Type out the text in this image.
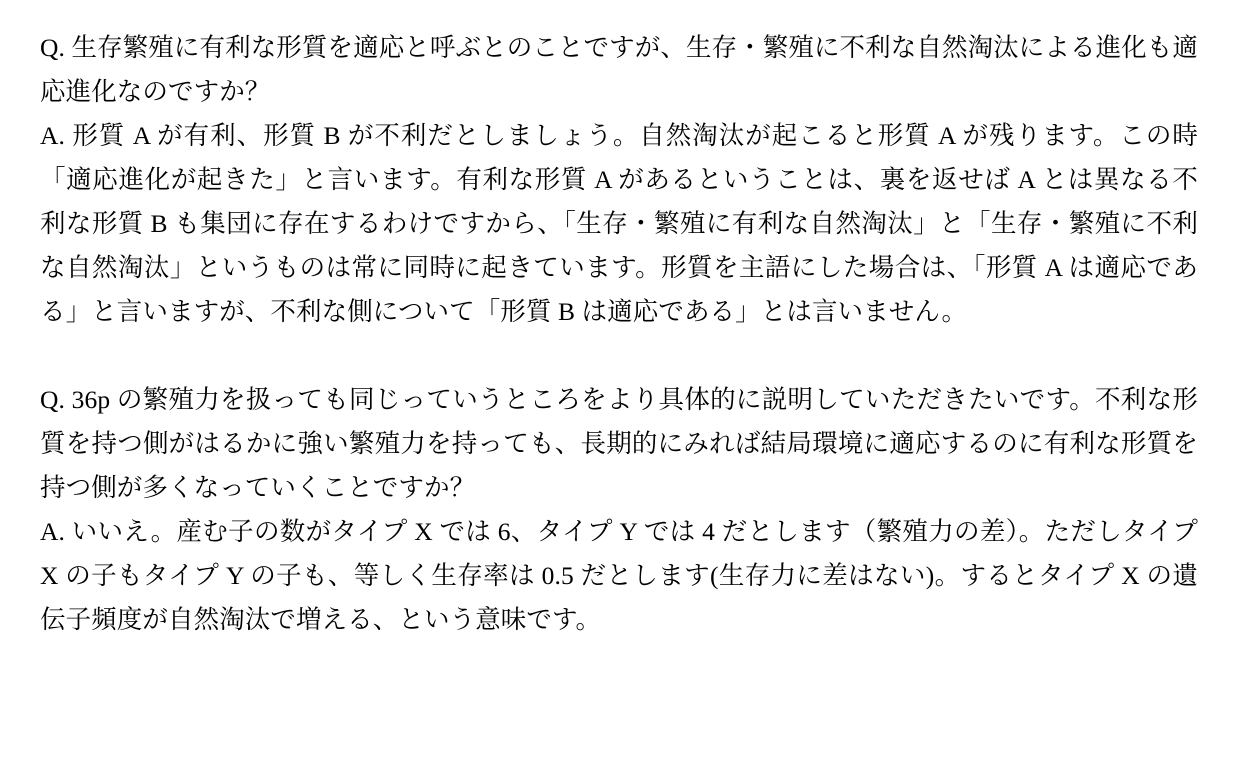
Q. 生存繁殖に有利な形質を適応と呼ぶとのことですが、生存・繁殖に不利な自然淘汰による進化も適応進化なのですか？

A. 形質 A が有利、形質 B が不利だとしましょう。自然淘汰が起こると形質 A が残ります。この時「適応進化が起きた」と言います。有利な形質 A があるということは、裏を返せば A とは異なる不利な形質 B も集団に存在するわけですから、「生存・繁殖に有利な自然淘汰」と「生存・繁殖に不利な自然淘汰」というものは常に同時に起きています。形質を主語にした場合は、「形質 A は適応である」と言いますが、不利な側について「形質 B は適応である」とは言いません。

Q. 36p の繁殖力を扱っても同じっていうところをより具体的に説明していただきたいです。不利な形質を持つ側がはるかに強い繁殖力を持っても、長期的にみれば結局環境に適応するのに有利な形質を持つ側が多くなっていくことですか？

A. いいえ。産む子の数がタイプ X では 6、タイプ Y では 4 だとします（繁殖力の差）。ただしタイプ X の子もタイプ Y の子も、等しく生存率は 0.5 だとします(生存力に差はない)。するとタイプ X の遺伝子頻度が自然淘汰で増える、という意味です。
